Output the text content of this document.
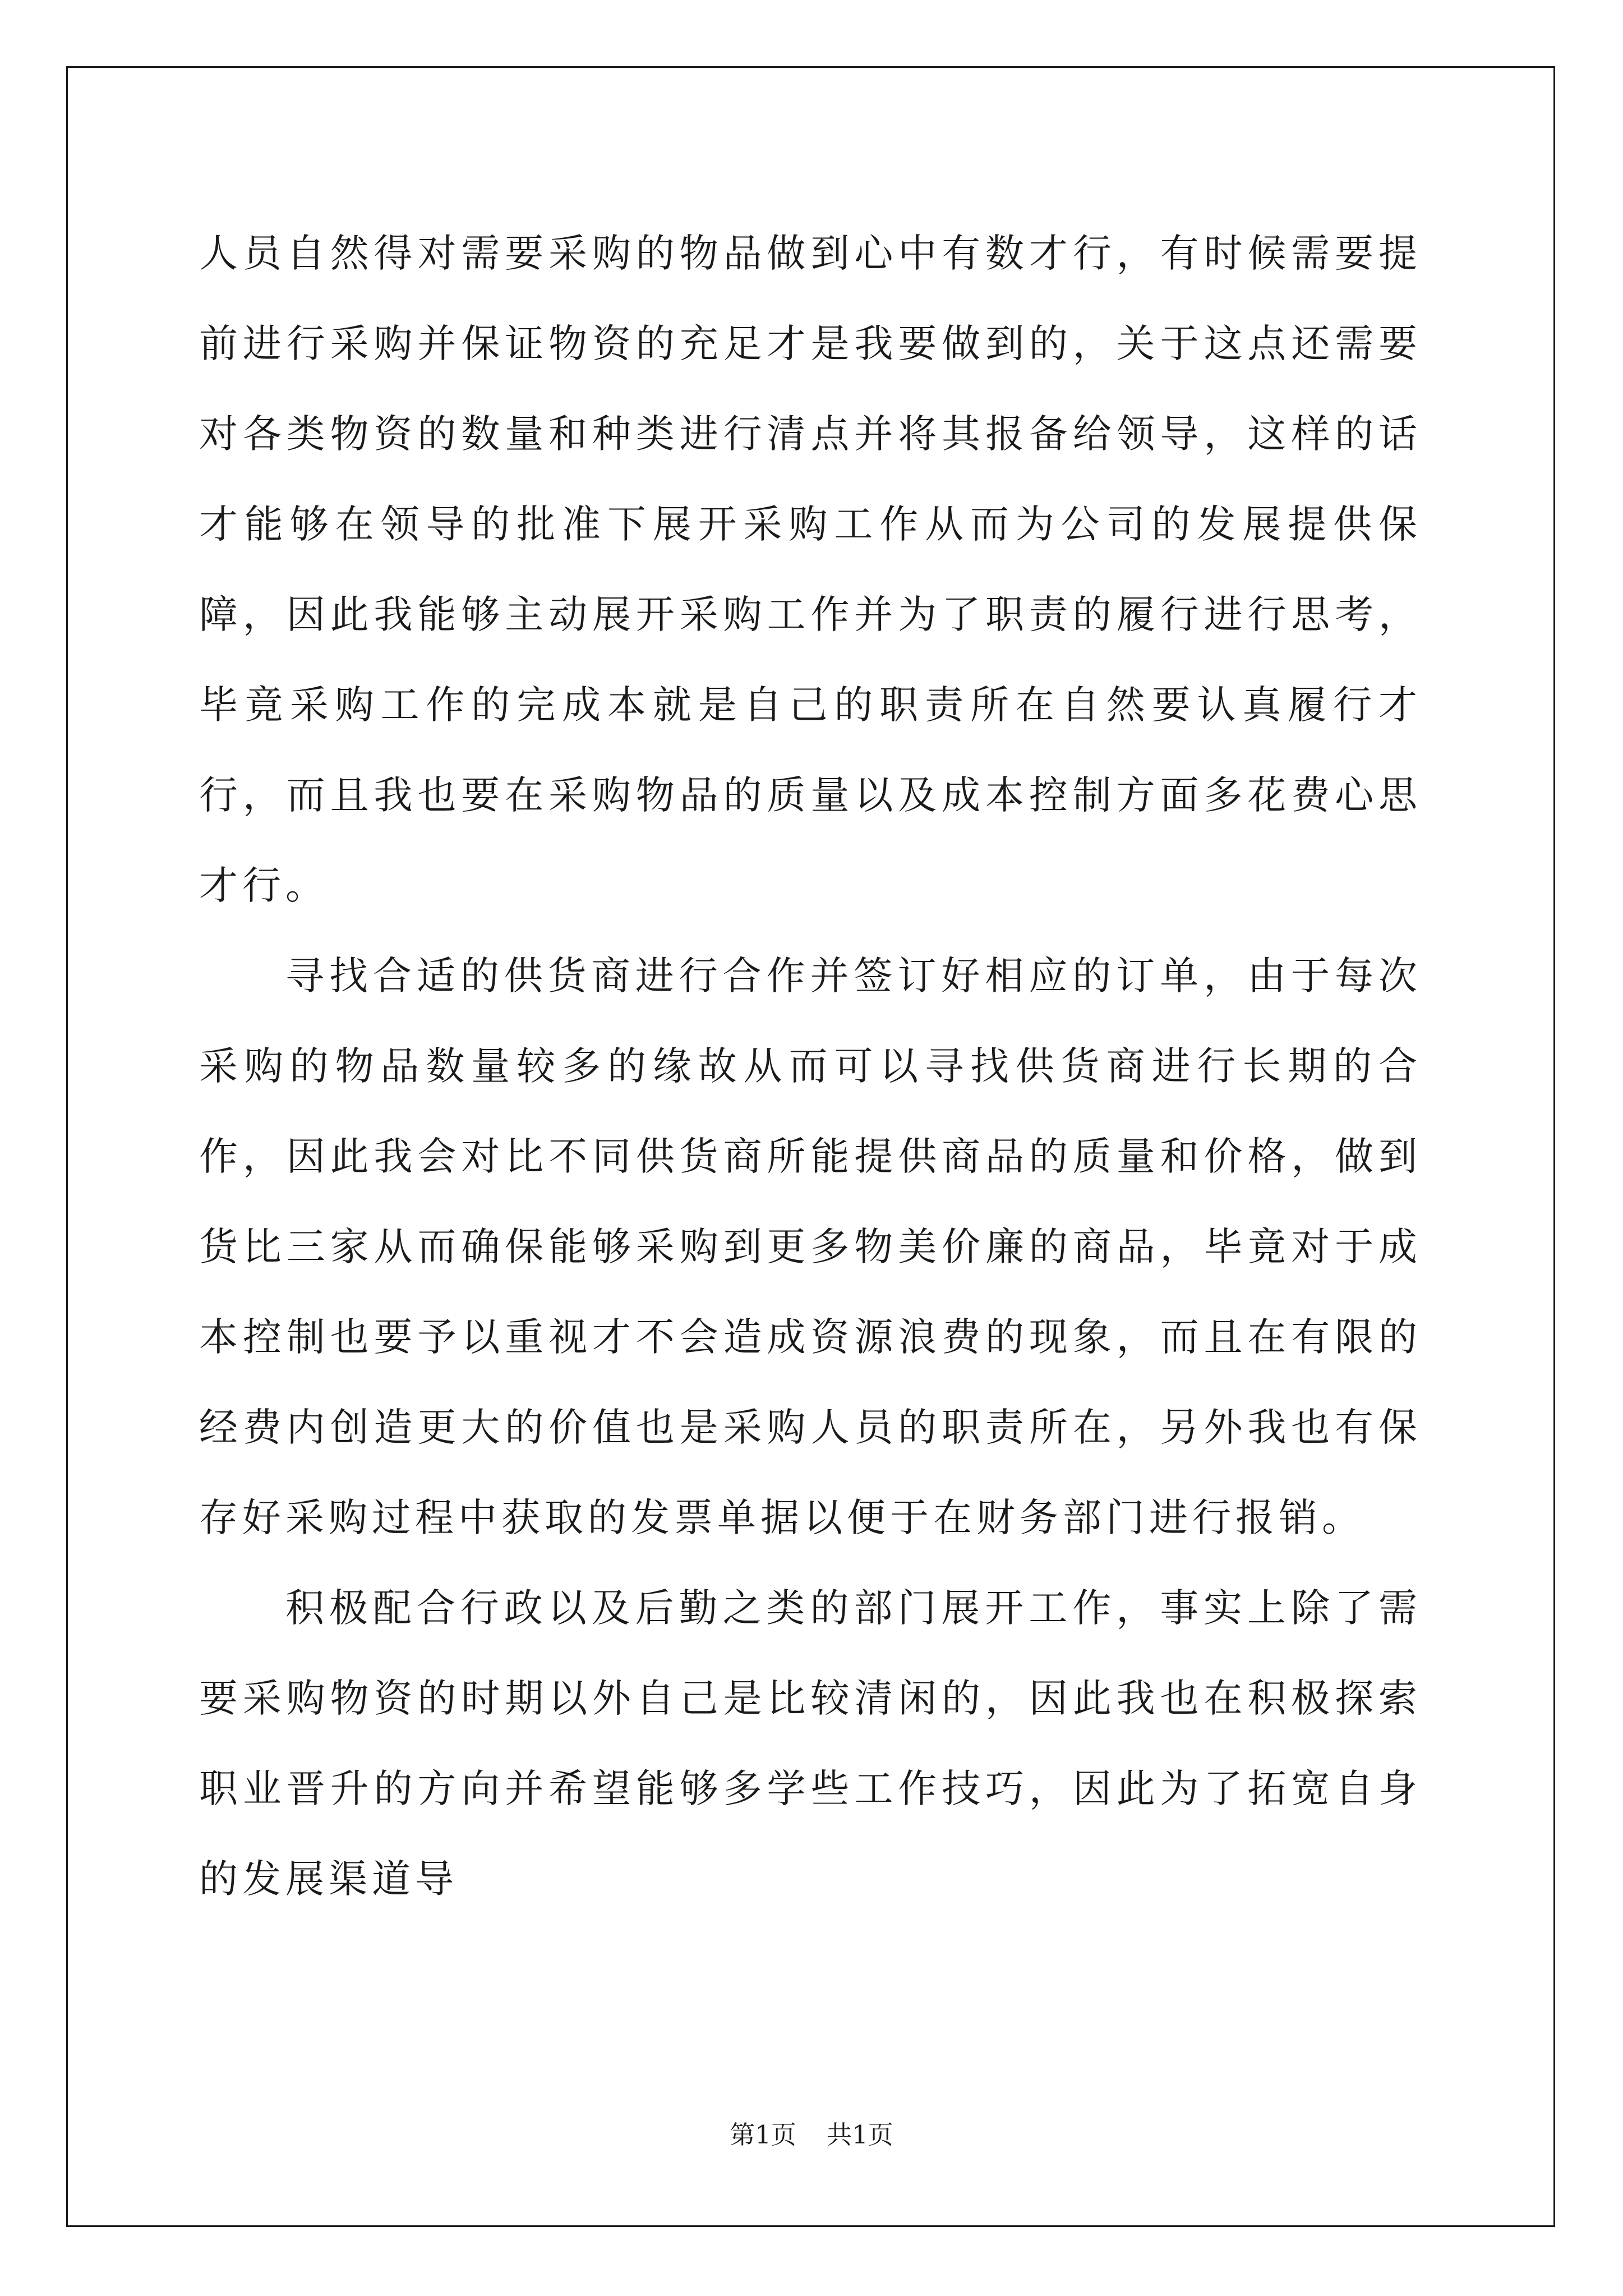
人员自然得对需要采购的物品做到心中有数才行，有时候需要提前进行采购并保证物资的充足才是我要做到的，关于这点还需要对各类物资的数量和种类进行清点并将其报备给领导，这样的话才能够在领导的批准下展开采购工作从而为公司的发展提供保障，因此我能够主动展开采购工作并为了职责的履行进行思考，毕竟采购工作的完成本就是自己的职责所在自然要认真履行才行，而且我也要在采购物品的质量以及成本控制方面多花费心思才行。

寻找合适的供货商进行合作并签订好相应的订单，由于每次采购的物品数量较多的缘故从而可以寻找供货商进行长期的合作，因此我会对比不同供货商所能提供商品的质量和价格，做到货比三家从而确保能够采购到更多物美价廉的商品，毕竟对于成本控制也要予以重视才不会造成资源浪费的现象，而且在有限的经费内创造更大的价值也是采购人员的职责所在，另外我也有保存好采购过程中获取的发票单据以便于在财务部门进行报销。

积极配合行政以及后勤之类的部门展开工作，事实上除了需要采购物资的时期以外自己是比较清闲的，因此我也在积极探索职业晋升的方向并希望能够多学些工作技巧，因此为了拓宽自身的发展渠道导

第1页 共1页
